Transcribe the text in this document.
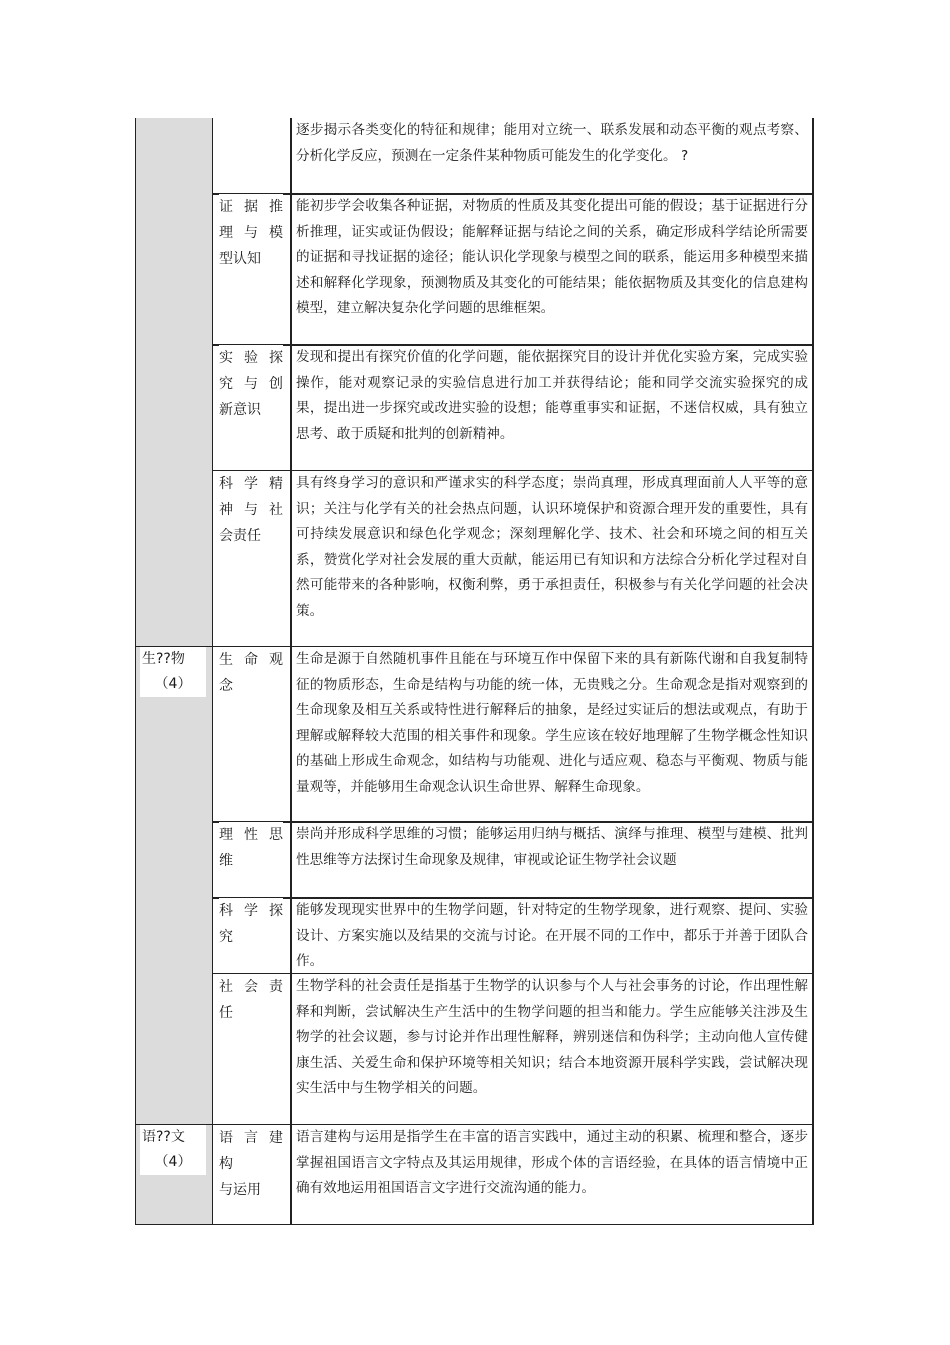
逐步揭示各类变化的特征和规律；能用对立统一、联系发展和动态平衡的观点考察、分析化学反应，预测在一定条件某种物质可能发生的化学变化。 ?
证据推
理与模
型认知
能初步学会收集各种证据，对物质的性质及其变化提出可能的假设；基于证据进行分析推理，证实或证伪假设；能解释证据与结论之间的关系，确定形成科学结论所需要的证据和寻找证据的途径；能认识化学现象与模型之间的联系，能运用多种模型来描述和解释化学现象，预测物质及其变化的可能结果；能依据物质及其变化的信息建构模型，建立解决复杂化学问题的思维框架。
实验探
究与创
新意识
发现和提出有探究价值的化学问题，能依据探究目的设计并优化实验方案，完成实验操作，能对观察记录的实验信息进行加工并获得结论；能和同学交流实验探究的成果，提出进一步探究或改进实验的设想；能尊重事实和证据，不迷信权威，具有独立思考、敢于质疑和批判的创新精神。
科学精
神与社
会责任
具有终身学习的意识和严谨求实的科学态度；崇尚真理，形成真理面前人人平等的意识；关注与化学有关的社会热点问题，认识环境保护和资源合理开发的重要性，具有可持续发展意识和绿色化学观念；深刻理解化学、技术、社会和环境之间的相互关系，赞赏化学对社会发展的重大贡献，能运用已有知识和方法综合分析化学过程对自然可能带来的各种影响，权衡利弊，勇于承担责任，积极参与有关化学问题的社会决策。
生??物
（4）
生命观
念
生命是源于自然随机事件且能在与环境互作中保留下来的具有新陈代谢和自我复制特征的物质形态，生命是结构与功能的统一体，无贵贱之分。生命观念是指对观察到的生命现象及相互关系或特性进行解释后的抽象，是经过实证后的想法或观点，有助于理解或解释较大范围的相关事件和现象。学生应该在较好地理解了生物学概念性知识的基础上形成生命观念，如结构与功能观、进化与适应观、稳态与平衡观、物质与能量观等，并能够用生命观念认识生命世界、解释生命现象。
理性思
维
崇尚并形成科学思维的习惯；能够运用归纳与概括、演绎与推理、模型与建模、批判性思维等方法探讨生命现象及规律，审视或论证生物学社会议题
科学探
究
能够发现现实世界中的生物学问题，针对特定的生物学现象，进行观察、提问、实验设计、方案实施以及结果的交流与讨论。在开展不同的工作中，都乐于并善于团队合作。
社会责
任
生物学科的社会责任是指基于生物学的认识参与个人与社会事务的讨论，作出理性解释和判断，尝试解决生产生活中的生物学问题的担当和能力。学生应能够关注涉及生物学的社会议题，参与讨论并作出理性解释，辨别迷信和伪科学；主动向他人宣传健康生活、关爱生命和保护环境等相关知识；结合本地资源开展科学实践，尝试解决现实生活中与生物学相关的问题。
语??文
（4）
语言建
构
与运用
语言建构与运用是指学生在丰富的语言实践中，通过主动的积累、梳理和整合，逐步掌握祖国语言文字特点及其运用规律，形成个体的言语经验，在具体的语言情境中正确有效地运用祖国语言文字进行交流沟通的能力。
